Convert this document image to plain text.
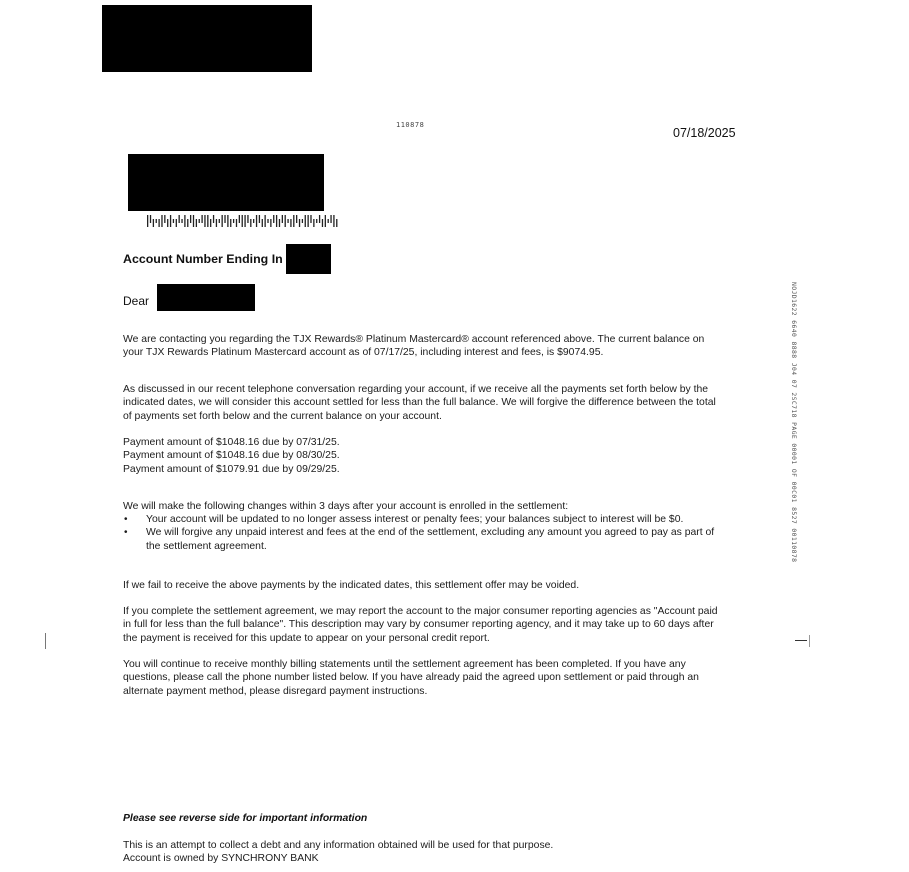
110878
07/18/2025
Account Number Ending In
Dear
We are contacting you regarding the TJX Rewards® Platinum Mastercard® account referenced above. The current balance on your TJX Rewards Platinum Mastercard account as of 07/17/25, including interest and fees, is $9074.95.
As discussed in our recent telephone conversation regarding your account, if we receive all the payments set forth below by the indicated dates, we will consider this account settled for less than the full balance. We will forgive the difference between the total of payments set forth below and the current balance on your account.
Payment amount of $1048.16 due by 07/31/25.
Payment amount of $1048.16 due by 08/30/25.
Payment amount of $1079.91 due by 09/29/25.
We will make the following changes within 3 days after your account is enrolled in the settlement:
• Your account will be updated to no longer assess interest or penalty fees; your balances subject to interest will be $0.
• We will forgive any unpaid interest and fees at the end of the settlement, excluding any amount you agreed to pay as part of the settlement agreement.
If we fail to receive the above payments by the indicated dates, this settlement offer may be voided.
If you complete the settlement agreement, we may report the account to the major consumer reporting agencies as "Account paid in full for less than the full balance". This description may vary by consumer reporting agency, and it may take up to 60 days after the payment is received for this update to appear on your personal credit report.
You will continue to receive monthly billing statements until the settlement agreement has been completed. If you have any questions, please call the phone number listed below. If you have already paid the agreed upon settlement or paid through an alternate payment method, please disregard payment instructions.
Please see reverse side for important information
This is an attempt to collect a debt and any information obtained will be used for that purpose.
Account is owned by SYNCHRONY BANK
NOJD1622 6640 8888 J04 07 2SC718 PAGE 00001 OF 00C01 8527 00110878
